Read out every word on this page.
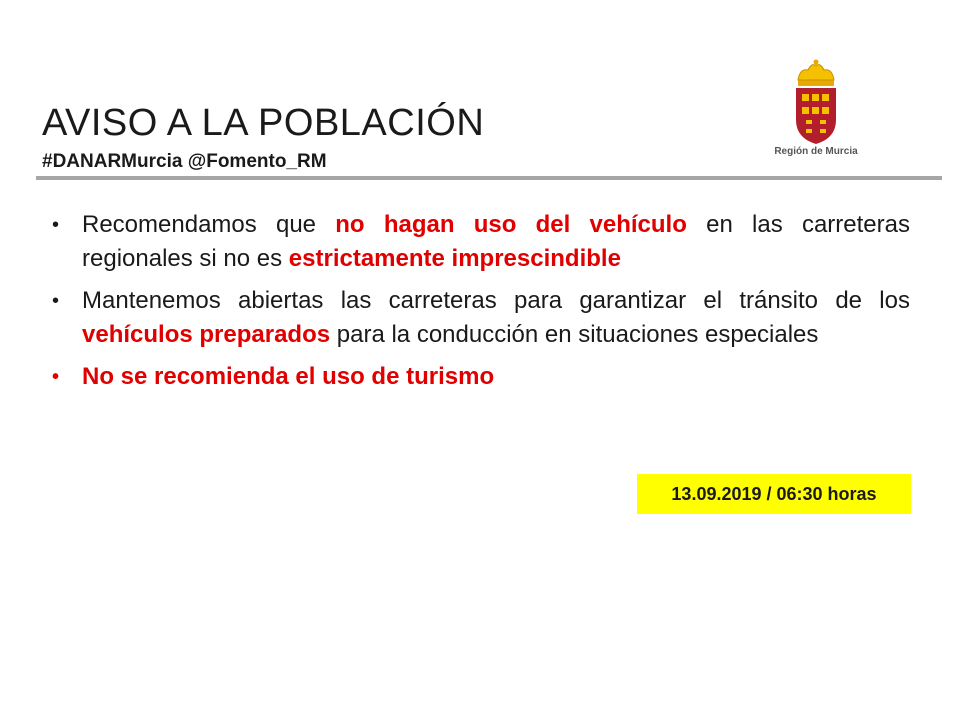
AVISO A LA POBLACIÓN
#DANARMurcia @Fomento_RM	Región de Murcia
• Recomendamos que no hagan uso del vehículo en las carreteras regionales si no es estrictamente imprescindible
• Mantenemos abiertas las carreteras para garantizar el tránsito de los vehículos preparados para la conducción en situaciones especiales
• No se recomienda el uso de turismo
13.09.2019 / 06:30 horas
